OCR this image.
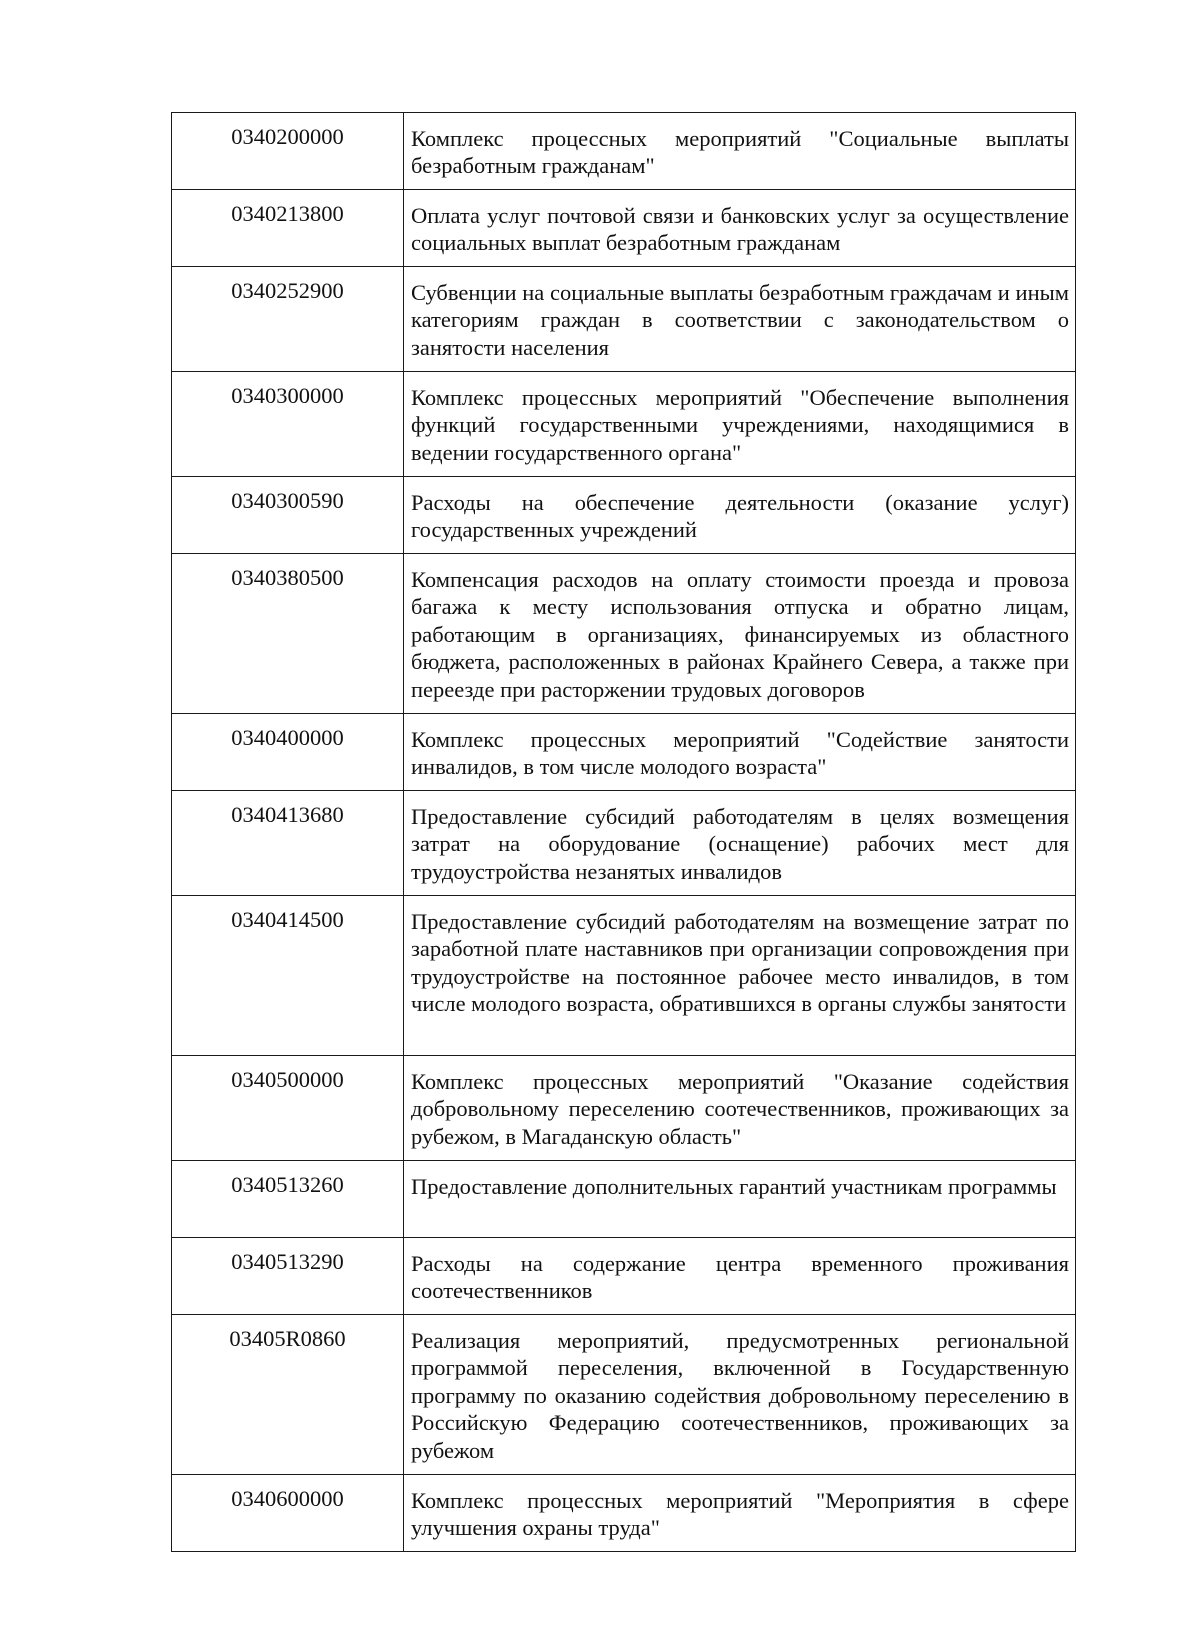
0340200000	Комплекс процессных мероприятий "Социальные выплаты безработным гражданам"
0340213800	Оплата услуг почтовой связи и банковских услуг за осуществление социальных выплат безработным гражданам
0340252900	Субвенции на социальные выплаты безработным граждачам и иным категориям граждан в соответствии с законодательством о занятости населения
0340300000	Комплекс процессных мероприятий "Обеспечение выполнения функций государственными учреждениями, находящимися в ведении государственного органа"
0340300590	Расходы на обеспечение деятельности (оказание услуг) государственных учреждений
0340380500	Компенсация расходов на оплату стоимости проезда и провоза багажа к месту использования отпуска и обратно лицам, работающим в организациях, финансируемых из областного бюджета, расположенных в районах Крайнего Севера, а также при переезде при расторжении трудовых договоров
0340400000	Комплекс процессных мероприятий "Содействие занятости инвалидов, в том числе молодого возраста"
0340413680	Предоставление субсидий работодателям в целях возмещения затрат на оборудование (оснащение) рабочих мест для трудоустройства незанятых инвалидов
0340414500	Предоставление субсидий работодателям на возмещение затрат по заработной плате наставников при организации сопровождения при трудоустройстве на постоянное рабочее место инвалидов, в том числе молодого возраста, обратившихся в органы службы занятости
0340500000	Комплекс процессных мероприятий "Оказание содействия добровольному переселению соотечественников, проживающих за рубежом, в Магаданскую область"
0340513260	Предоставление дополнительных гарантий участникам программы
0340513290	Расходы на содержание центра временного проживания соотечественников
03405R0860	Реализация мероприятий, предусмотренных региональной программой переселения, включенной в Государственную программу по оказанию содействия добровольному переселению в Российскую Федерацию соотечественников, проживающих за рубежом
0340600000	Комплекс процессных мероприятий "Мероприятия в сфере улучшения охраны труда"
